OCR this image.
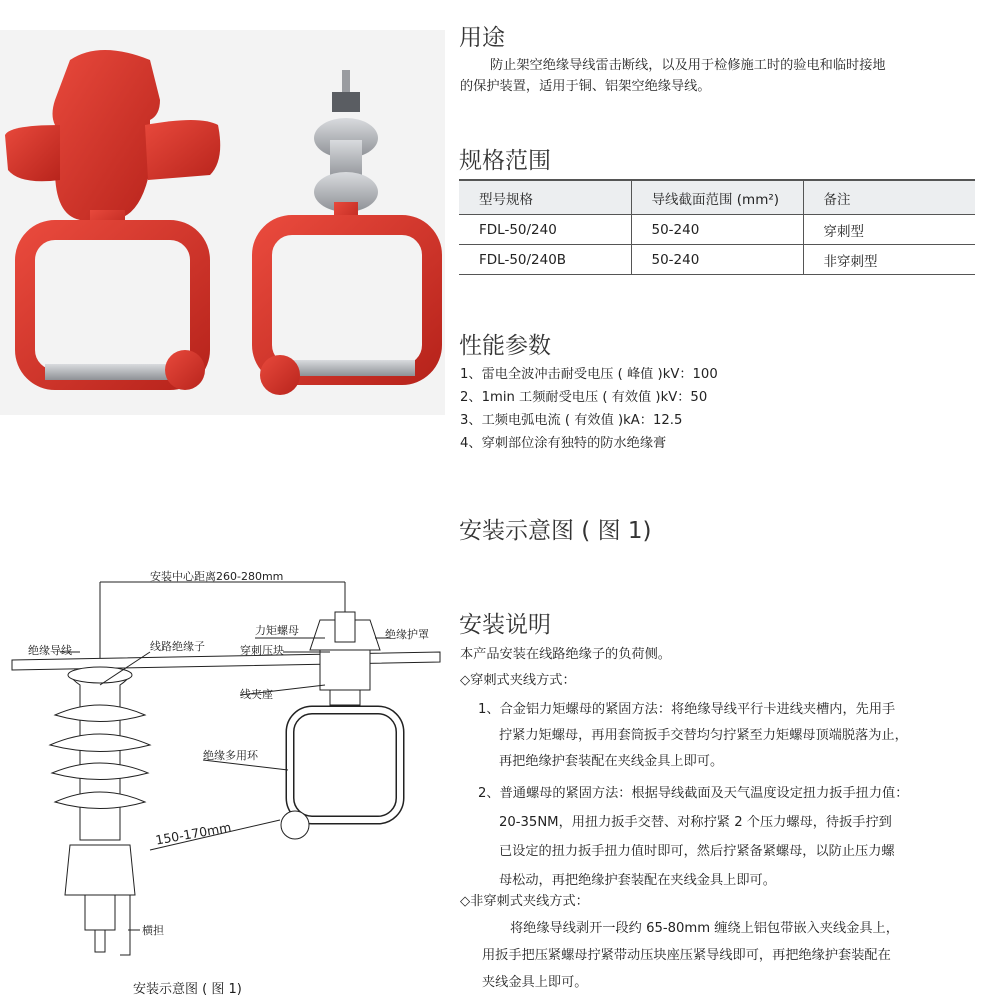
用途
防止架空绝缘导线雷击断线，以及用于检修施工时的验电和临时接地
的保护装置，适用于铜、铝架空绝缘导线。
规格范围
型号规格	导线截面范围 (mm²)	备注
FDL-50/240	50-240	穿刺型
FDL-50/240B	50-240	非穿刺型
性能参数
1、雷电全波冲击耐受电压 ( 峰值 )kV：100
2、1min 工频耐受电压 ( 有效值 )kV：50
3、工频电弧电流 ( 有效值 )kA：12.5
4、穿刺部位涂有独特的防水绝缘膏
安装示意图 ( 图 1)
安装中心距离260-280mm
力矩螺母	绝缘护罩
穿刺压块
绝缘导线	线路绝缘子
线夹座
绝缘多用环
150-170mm
横担
安装示意图 ( 图 1)
安装说明
本产品安装在线路绝缘子的负荷侧。
◇穿刺式夹线方式：
1、合金铝力矩螺母的紧固方法：将绝缘导线平行卡进线夹槽内，先用手
拧紧力矩螺母，再用套筒扳手交替均匀拧紧至力矩螺母顶端脱落为止，
再把绝缘护套装配在夹线金具上即可。
2、普通螺母的紧固方法：根据导线截面及天气温度设定扭力扳手扭力值：
20-35NM，用扭力扳手交替、对称拧紧 2 个压力螺母，待扳手拧到
已设定的扭力扳手扭力值时即可，然后拧紧备紧螺母，以防止压力螺
母松动，再把绝缘护套装配在夹线金具上即可。
◇非穿刺式夹线方式：
将绝缘导线剥开一段约 65-80mm 缠绕上铝包带嵌入夹线金具上，
用扳手把压紧螺母拧紧带动压块座压紧导线即可，再把绝缘护套装配在
夹线金具上即可。
